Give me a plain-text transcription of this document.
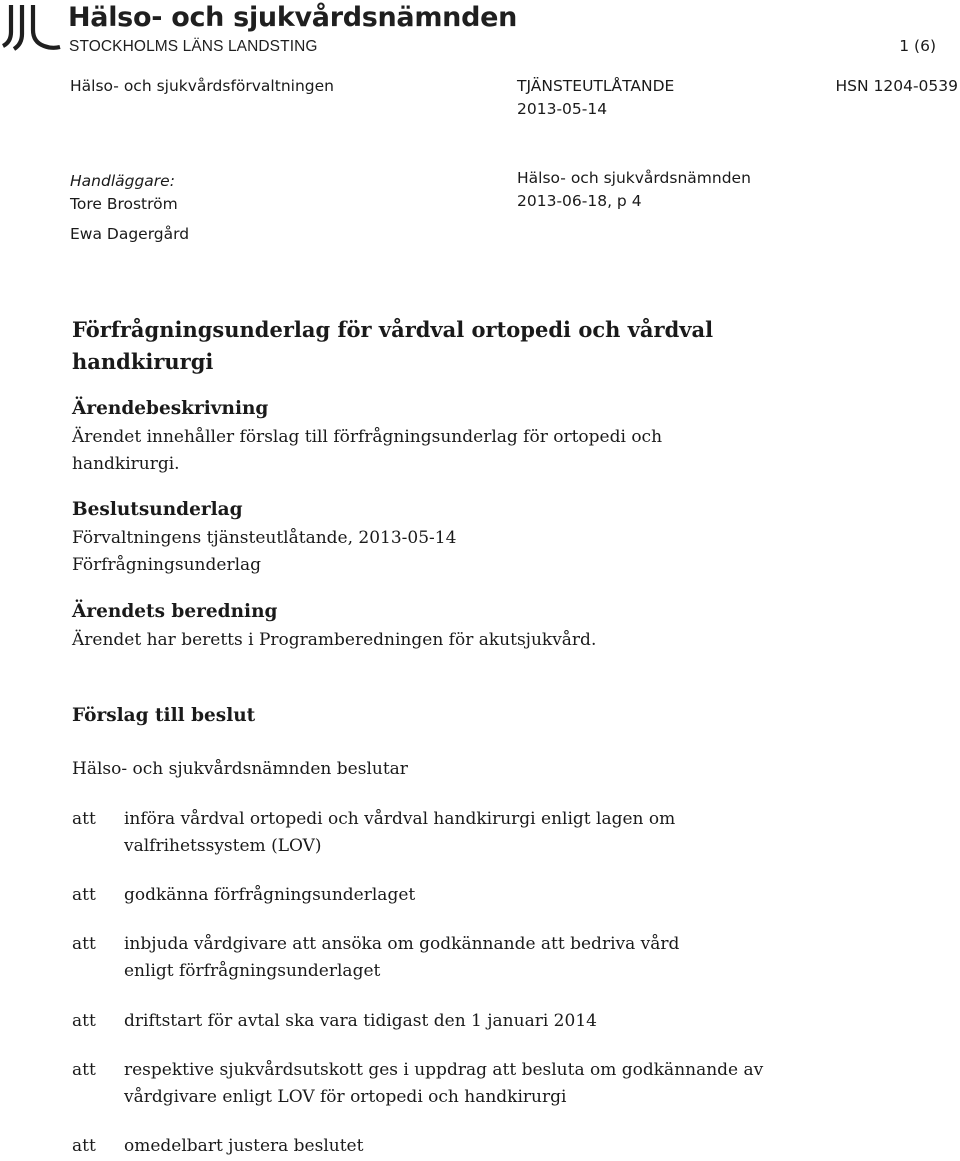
Hälso- och sjukvårdsnämnden
STOCKHOLMS LÄNS LANDSTING	1 (6)
Hälso- och sjukvårdsförvaltningen	TJÄNSTEUTLÅTANDE
2013-05-14
HSN 1204-0539
Handläggare:
Tore Broström
Ewa Dagergård
Hälso- och sjukvårdsnämnden
2013-06-18, p 4
Förfrågningsunderlag för vårdval ortopedi och vårdval handkirurgi
Ärendebeskrivning
Ärendet innehåller förslag till förfrågningsunderlag för ortopedi och handkirurgi.
Beslutsunderlag
Förvaltningens tjänsteutlåtande, 2013-05-14
Förfrågningsunderlag
Ärendets beredning
Ärendet har beretts i Programberedningen för akutsjukvård.
Förslag till beslut
Hälso- och sjukvårdsnämnden beslutar
att införa vårdval ortopedi och vårdval handkirurgi enligt lagen om valfrihetssystem (LOV)
att godkänna förfrågningsunderlaget
att inbjuda vårdgivare att ansöka om godkännande att bedriva vård enligt förfrågningsunderlaget
att driftstart för avtal ska vara tidigast den 1 januari 2014
att respektive sjukvårdsutskott ges i uppdrag att besluta om godkännande av vårdgivare enligt LOV för ortopedi och handkirurgi
att omedelbart justera beslutet
